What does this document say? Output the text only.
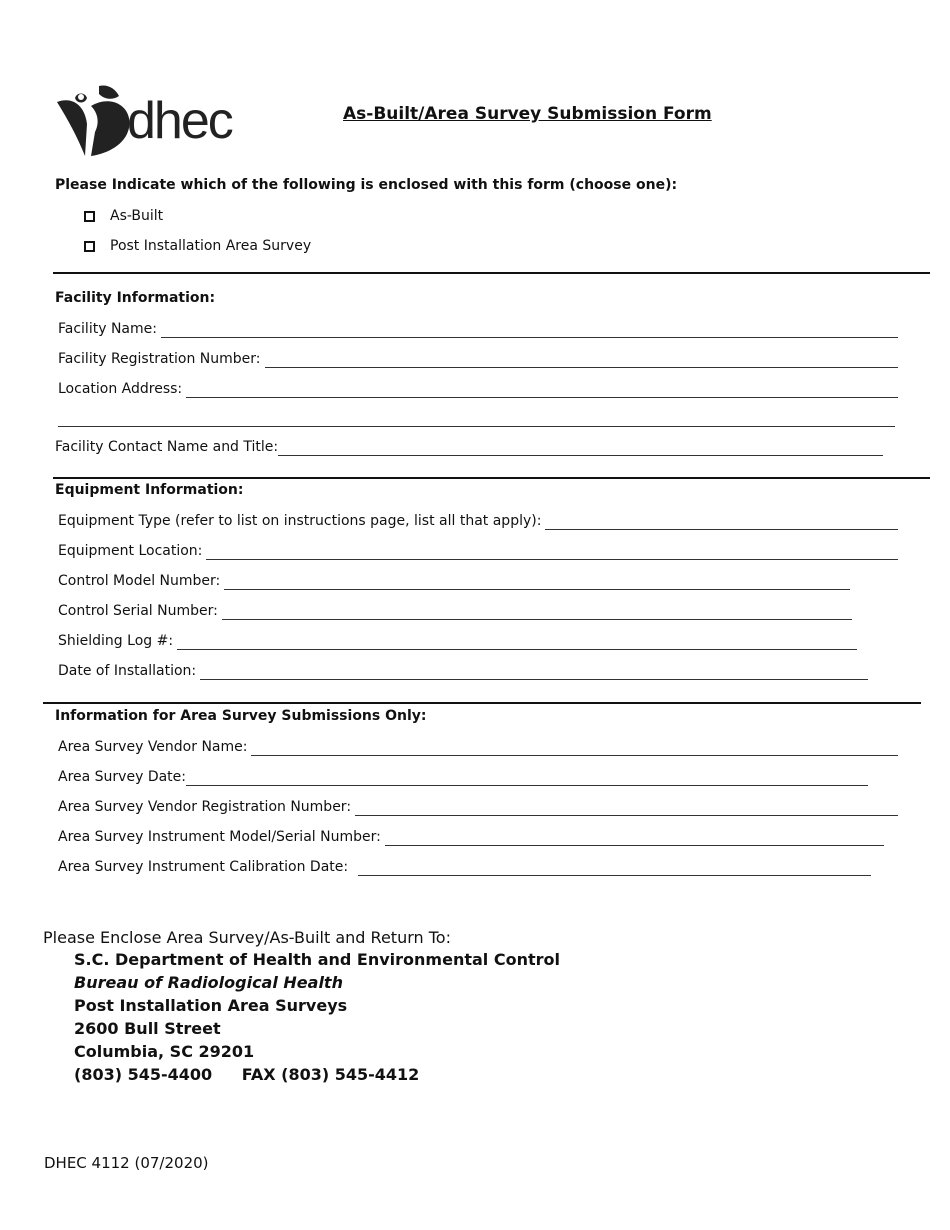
dhec	As-Built/Area Survey Submission Form
Please Indicate which of the following is enclosed with this form (choose one):
As-Built
Post Installation Area Survey
Facility Information:
Facility Name:
Facility Registration Number:
Location Address:
Facility Contact Name and Title:
Equipment Information:
Equipment Type (refer to list on instructions page, list all that apply):
Equipment Location:
Control Model Number:
Control Serial Number:
Shielding Log #:
Date of Installation:
Information for Area Survey Submissions Only:
Area Survey Vendor Name:
Area Survey Date:
Area Survey Vendor Registration Number:
Area Survey Instrument Model/Serial Number:
Area Survey Instrument Calibration Date:
Please Enclose Area Survey/As-Built and Return To:
S.C. Department of Health and Environmental Control
Bureau of Radiological Health
Post Installation Area Surveys
2600 Bull Street
Columbia, SC 29201
(803) 545-4400 FAX (803) 545-4412
DHEC 4112 (07/2020)
